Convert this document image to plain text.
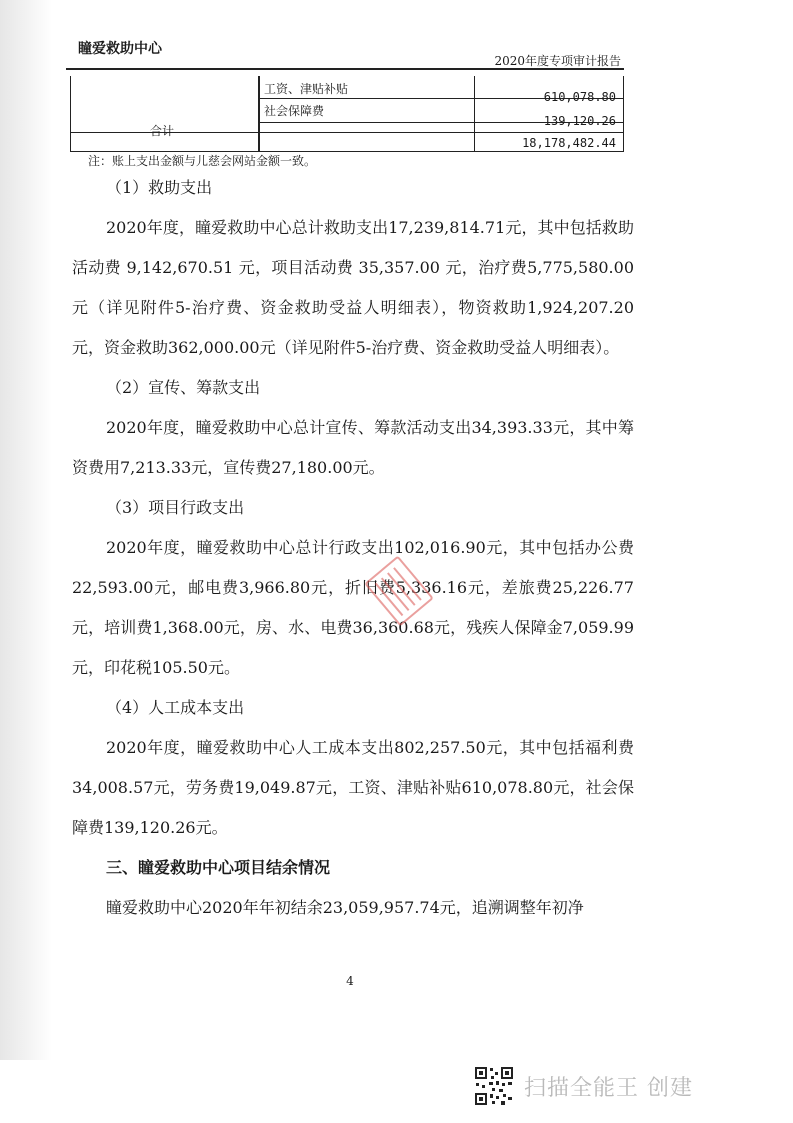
瞳爱救助中心
2020年度专项审计报告
工资、津贴补贴
610,078.80
社会保障费
139,120.26
合计
18,178,482.44
注：账上支出金额与儿慈会网站金额一致。

（1）救助支出

2020年度，瞳爱救助中心总计救助支出17,239,814.71元，其中包括救助活动费 9,142,670.51 元，项目活动费 35,357.00 元，治疗费5,775,580.00元（详见附件5-治疗费、资金救助受益人明细表），物资救助1,924,207.20元，资金救助362,000.00元（详见附件5-治疗费、资金救助受益人明细表）。

（2）宣传、筹款支出

2020年度，瞳爱救助中心总计宣传、筹款活动支出34,393.33元，其中筹资费用7,213.33元，宣传费27,180.00元。

（3）项目行政支出

2020年度，瞳爱救助中心总计行政支出102,016.90元，其中包括办公费22,593.00元，邮电费3,966.80元，折旧费5,336.16元，差旅费25,226.77元，培训费1,368.00元，房、水、电费36,360.68元，残疾人保障金7,059.99元，印花税105.50元。

（4）人工成本支出

2020年度，瞳爱救助中心人工成本支出802,257.50元，其中包括福利费34,008.57元，劳务费19,049.87元，工资、津贴补贴610,078.80元，社会保障费139,120.26元。

三、瞳爱救助中心项目结余情况

瞳爱救助中心2020年年初结余23,059,957.74元，追溯调整年初净

4
扫描全能王 创建
